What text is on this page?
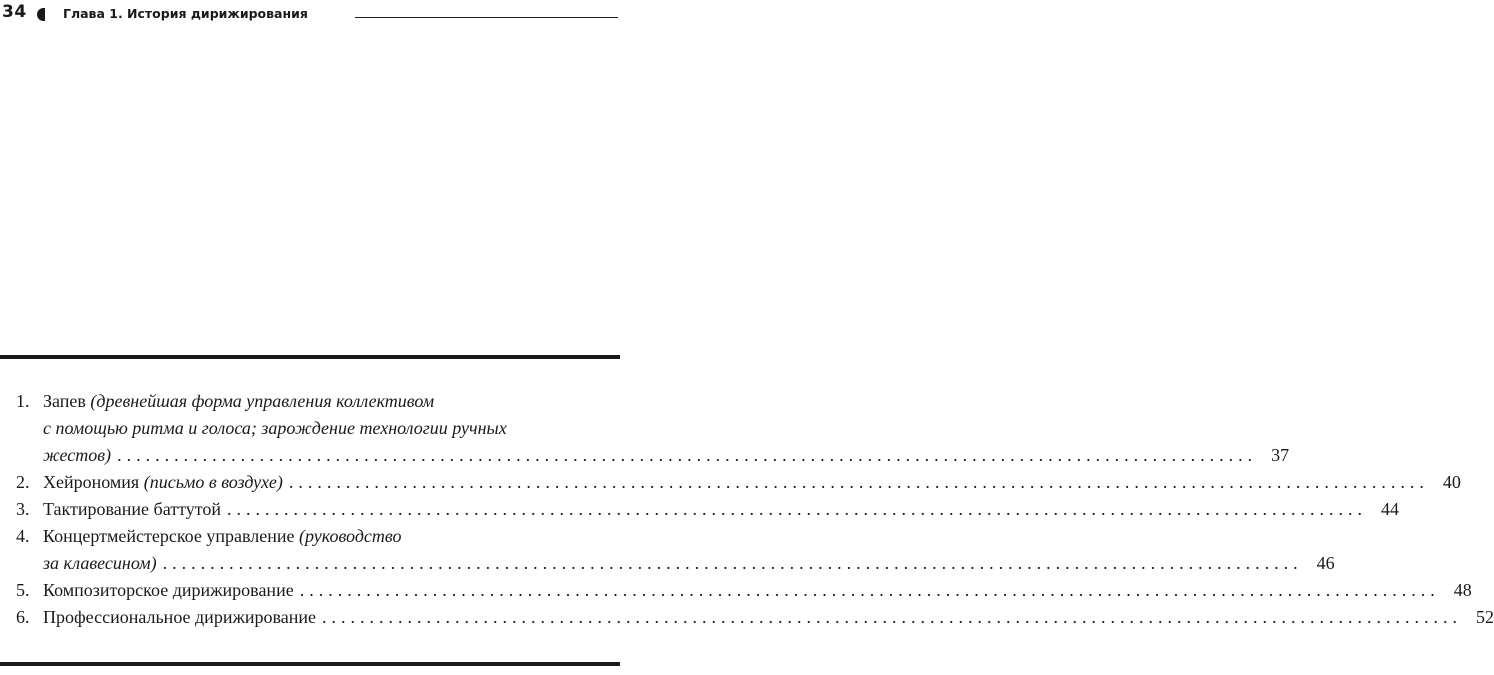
34	Глава 1. История дирижирования
1. Запев (древнейшая форма управления коллективом
с помощью ритма и голоса; зарождение технологии ручных
жестов) ........................................................................................................................ 37
2. Хейрономия (письмо в воздухе) ........................................................................................................................ 40
3. Тактирование баттутой ........................................................................................................................ 44
4. Концертмейстерское управление (руководство
за клавесином) ........................................................................................................................ 46
5. Композиторское дирижирование ........................................................................................................................ 48
6. Профессиональное дирижирование ........................................................................................................................ 52
